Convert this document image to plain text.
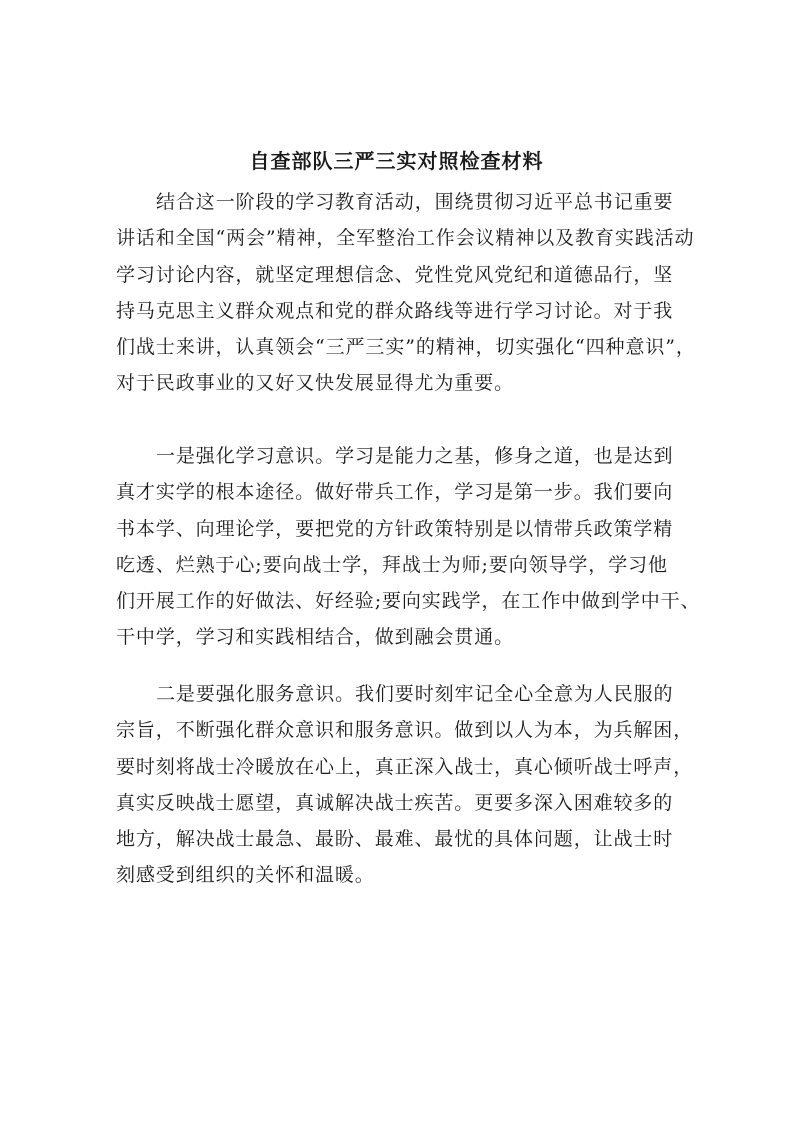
自查部队三严三实对照检查材料

结合这一阶段的学习教育活动，围绕贯彻习近平总书记重要
讲话和全国“两会”精神，全军整治工作会议精神以及教育实践活动
学习讨论内容，就坚定理想信念、党性党风党纪和道德品行，坚
持马克思主义群众观点和党的群众路线等进行学习讨论。对于我
们战士来讲，认真领会“三严三实”的精神，切实强化“四种意识”，
对于民政事业的又好又快发展显得尤为重要。

一是强化学习意识。学习是能力之基，修身之道，也是达到
真才实学的根本途径。做好带兵工作，学习是第一步。我们要向
书本学、向理论学，要把党的方针政策特别是以情带兵政策学精
吃透、烂熟于心;要向战士学，拜战士为师;要向领导学，学习他
们开展工作的好做法、好经验;要向实践学，在工作中做到学中干、
干中学，学习和实践相结合，做到融会贯通。

二是要强化服务意识。我们要时刻牢记全心全意为人民服的
宗旨，不断强化群众意识和服务意识。做到以人为本，为兵解困，
要时刻将战士冷暖放在心上，真正深入战士，真心倾听战士呼声，
真实反映战士愿望，真诚解决战士疾苦。更要多深入困难较多的
地方，解决战士最急、最盼、最难、最忧的具体问题，让战士时
刻感受到组织的关怀和温暖。
